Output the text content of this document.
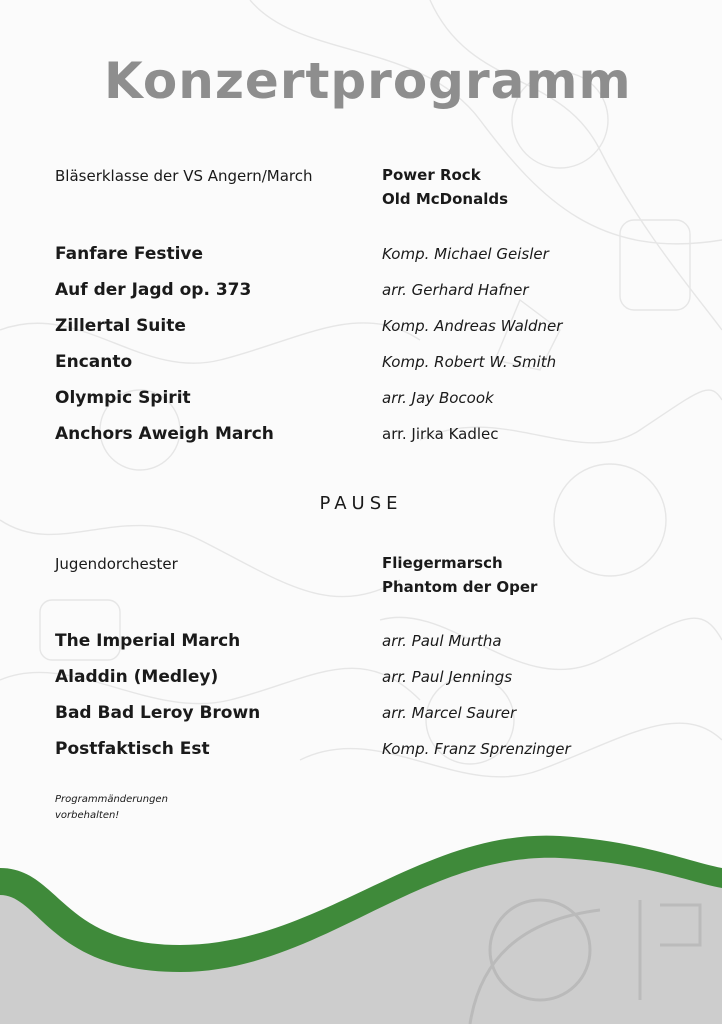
Konzertprogramm
Bläserklasse der VS Angern/March	Power Rock
Old McDonalds
Fanfare Festive	Komp. Michael Geisler
Auf der Jagd op. 373	arr. Gerhard Hafner
Zillertal Suite	Komp. Andreas Waldner
Encanto	Komp. Robert W. Smith
Olympic Spirit	arr. Jay Bocook
Anchors Aweigh March	arr. Jirka Kadlec
PAUSE
Jugendorchester	Fliegermarsch
Phantom der Oper
The Imperial March	arr. Paul Murtha
Aladdin (Medley)	arr. Paul Jennings
Bad Bad Leroy Brown	arr. Marcel Saurer
Postfaktisch Est	Komp. Franz Sprenzinger
Programmänderungen
vorbehalten!
